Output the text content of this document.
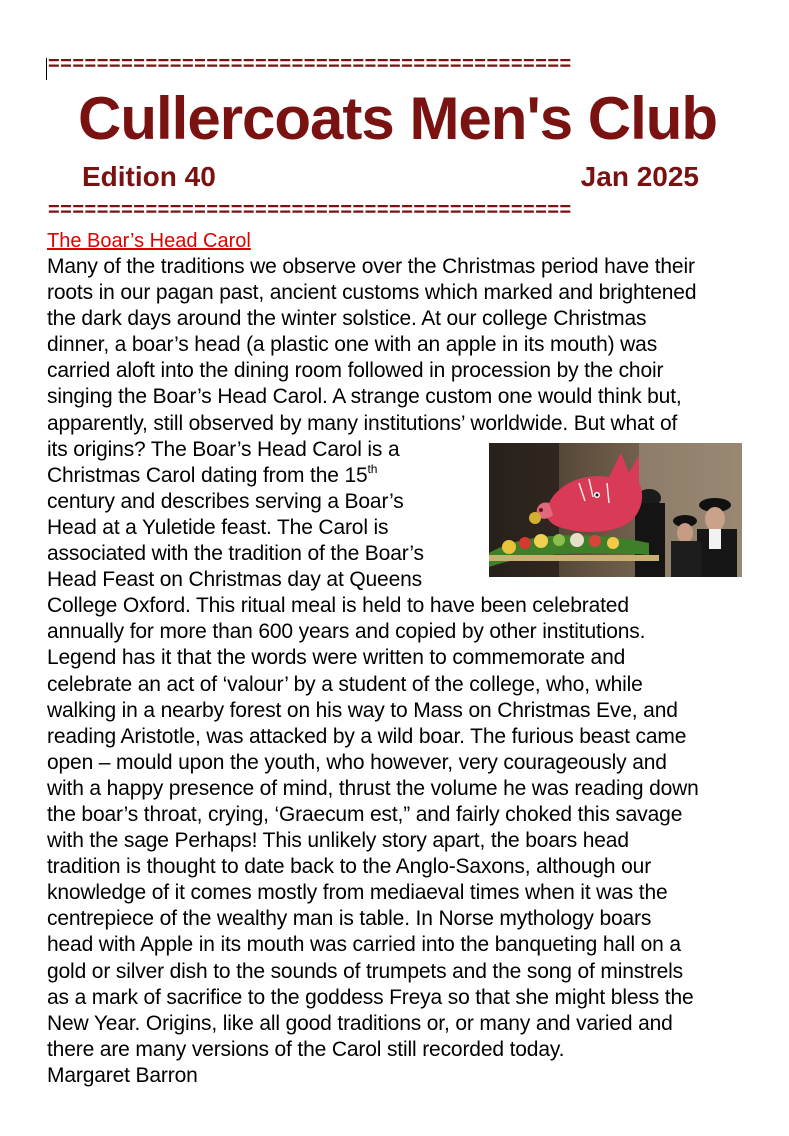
===========================================
Cullercoats Men's Club
Edition 40	Jan 2025
===========================================
The Boar’s Head Carol
Many of the traditions we observe over the Christmas period have their
roots in our pagan past, ancient customs which marked and brightened
the dark days around the winter solstice. At our college Christmas
dinner, a boar’s head (a plastic one with an apple in its mouth) was
carried aloft into the dining room followed in procession by the choir
singing the Boar’s Head Carol. A strange custom one would think but,
apparently, still observed by many institutions’ worldwide. But what of
its origins? The Boar’s Head Carol is a
Christmas Carol dating from the 15th
century and describes serving a Boar’s
Head at a Yuletide feast. The Carol is
associated with the tradition of the Boar’s
Head Feast on Christmas day at Queens
College Oxford. This ritual meal is held to have been celebrated
annually for more than 600 years and copied by other institutions.
Legend has it that the words were written to commemorate and
celebrate an act of ‘valour’ by a student of the college, who, while
walking in a nearby forest on his way to Mass on Christmas Eve, and
reading Aristotle, was attacked by a wild boar. The furious beast came
open – mould upon the youth, who however, very courageously and
with a happy presence of mind, thrust the volume he was reading down
the boar’s throat, crying, ‘Graecum est,” and fairly choked this savage
with the sage Perhaps! This unlikely story apart, the boars head
tradition is thought to date back to the Anglo-Saxons, although our
knowledge of it comes mostly from mediaeval times when it was the
centrepiece of the wealthy man is table. In Norse mythology boars
head with Apple in its mouth was carried into the banqueting hall on a
gold or silver dish to the sounds of trumpets and the song of minstrels
as a mark of sacrifice to the goddess Freya so that she might bless the
New Year. Origins, like all good traditions or, or many and varied and
there are many versions of the Carol still recorded today.
Margaret Barron
